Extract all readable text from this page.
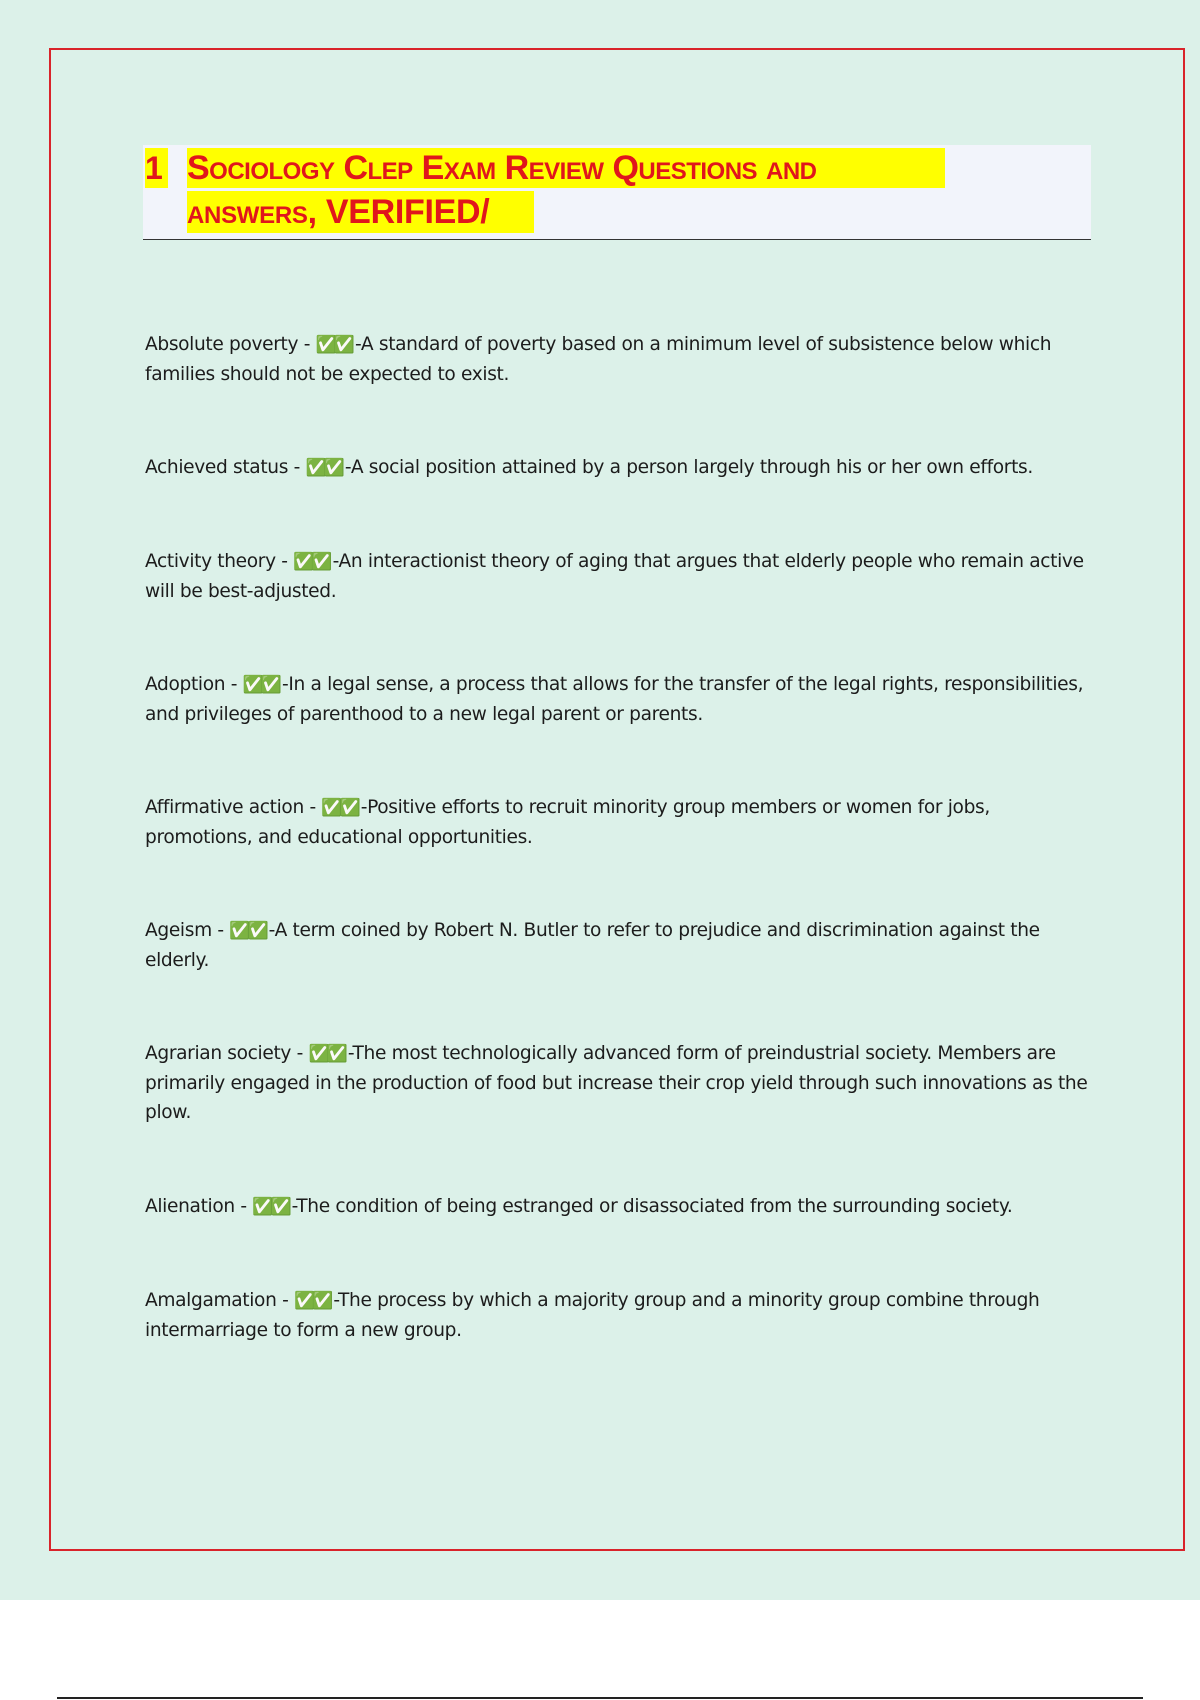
1 Sociology Clep Exam Review Questions and
answers, VERIFIED/
Absolute poverty - ✅✅ -A standard of poverty based on a minimum level of subsistence below which families should not be expected to exist.
Achieved status - ✅✅ -A social position attained by a person largely through his or her own efforts.
Activity theory - ✅✅ -An interactionist theory of aging that argues that elderly people who remain active will be best-adjusted.
Adoption - ✅✅ -In a legal sense, a process that allows for the transfer of the legal rights, responsibilities, and privileges of parenthood to a new legal parent or parents.
Affirmative action - ✅✅ -Positive efforts to recruit minority group members or women for jobs, promotions, and educational opportunities.
Ageism - ✅✅ -A term coined by Robert N. Butler to refer to prejudice and discrimination against the elderly.
Agrarian society - ✅✅ -The most technologically advanced form of preindustrial society. Members are primarily engaged in the production of food but increase their crop yield through such innovations as the plow.
Alienation - ✅✅ -The condition of being estranged or disassociated from the surrounding society.
Amalgamation - ✅✅ -The process by which a majority group and a minority group combine through intermarriage to form a new group.
